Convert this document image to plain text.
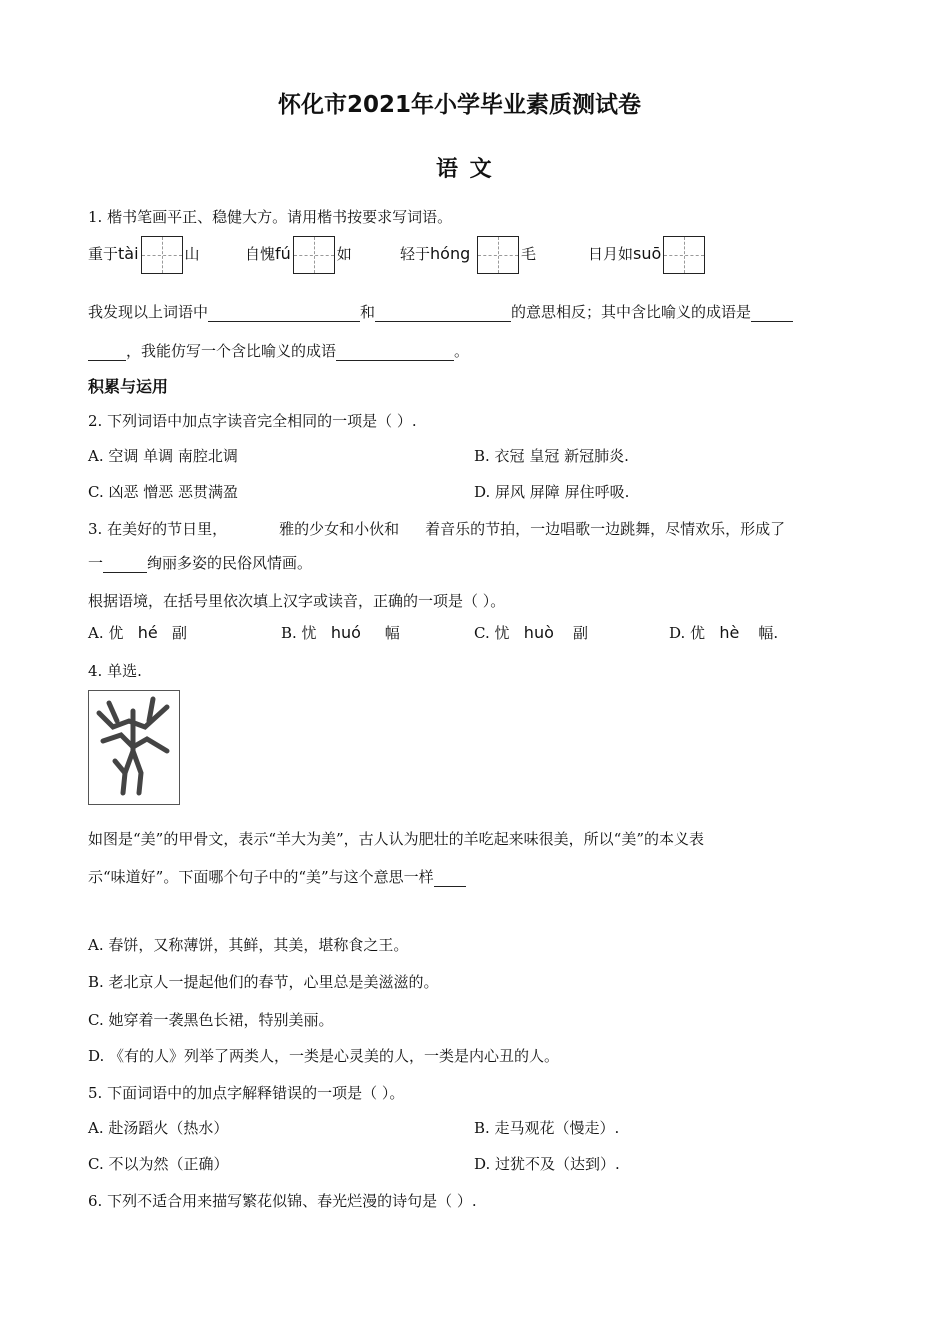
怀化市2021年小学毕业素质测试卷
语 文
1. 楷书笔画平正、稳健大方。请用楷书按要求写词语。
重于tài	山	自愧fú	如	轻于hóng	毛	日月如suō
我发现以上词语中	和	的意思相反；其中含比喻义的成语是
，我能仿写一个含比喻义的成语	。
积累与运用
2. 下列词语中加点字读音完全相同的一项是（ ）.
A. 空调 单调 南腔北调	B. 衣冠 皇冠 新冠肺炎.
C. 凶恶 憎恶 恶贯满盈	D. 屏风 屏障 屏住呼吸.
3. 在美好的节日里，	雅的少女和小伙和 着音乐的节拍，一边唱歌一边跳舞，尽情欢乐，形成了
一	绚丽多姿的民俗风情画。
根据语境，在括号里依次填上汉字或读音，正确的一项是（ ）。
A. 优 hé 副	B. 忧 huó 幅	C. 忧 huò 副	D. 优 hè 幅.
4. 单选.
如图是“美”的甲骨文，表示“羊大为美”，古人认为肥壮的羊吃起来味很美，所以“美”的本义表
示“味道好”。下面哪个句子中的“美”与这个意思一样
A. 春饼，又称薄饼，其鲜，其美，堪称食之王。
B. 老北京人一提起他们的春节，心里总是美滋滋的。
C. 她穿着一袭黑色长裙，特别美丽。
D. 《有的人》列举了两类人，一类是心灵美的人，一类是内心丑的人。
5. 下面词语中的加点字解释错误的一项是（ ）。
A. 赴汤蹈火（热水）	B. 走马观花（慢走）.
C. 不以为然（正确）	D. 过犹不及（达到）.
6. 下列不适合用来描写繁花似锦、春光烂漫的诗句是（ ）.
